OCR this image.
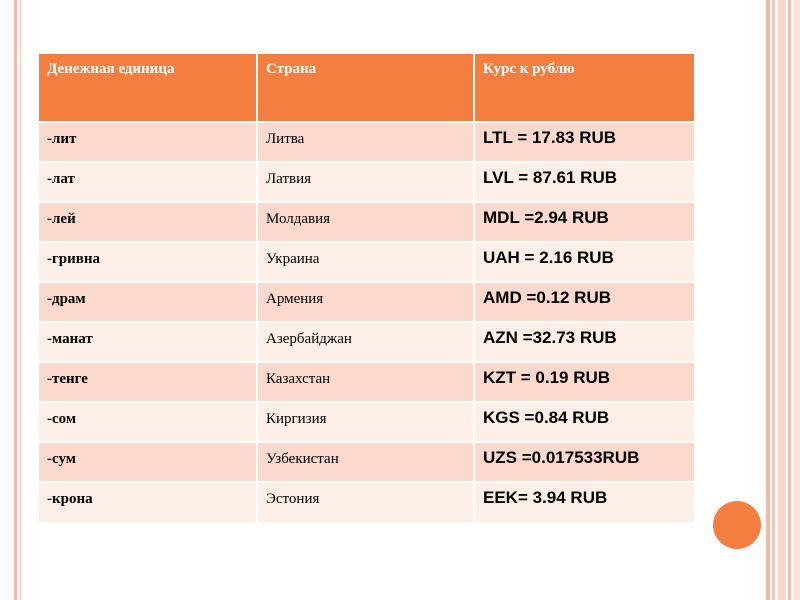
Денежная единица	Страна	Курс к рублю
-лит	Литва	LTL = 17.83 RUB
-лат	Латвия	LVL = 87.61 RUB
-лей	Молдавия	MDL =2.94 RUB
-гривна	Украина	UAH = 2.16 RUB
-драм	Армения	AMD =0.12 RUB
-манат	Азербайджан	AZN =32.73 RUB
-тенге	Казахстан	KZT = 0.19 RUB
-сом	Киргизия	KGS =0.84 RUB
-сум	Узбекистан	UZS =0.017533RUB
-крона	Эстония	EEK= 3.94 RUB
